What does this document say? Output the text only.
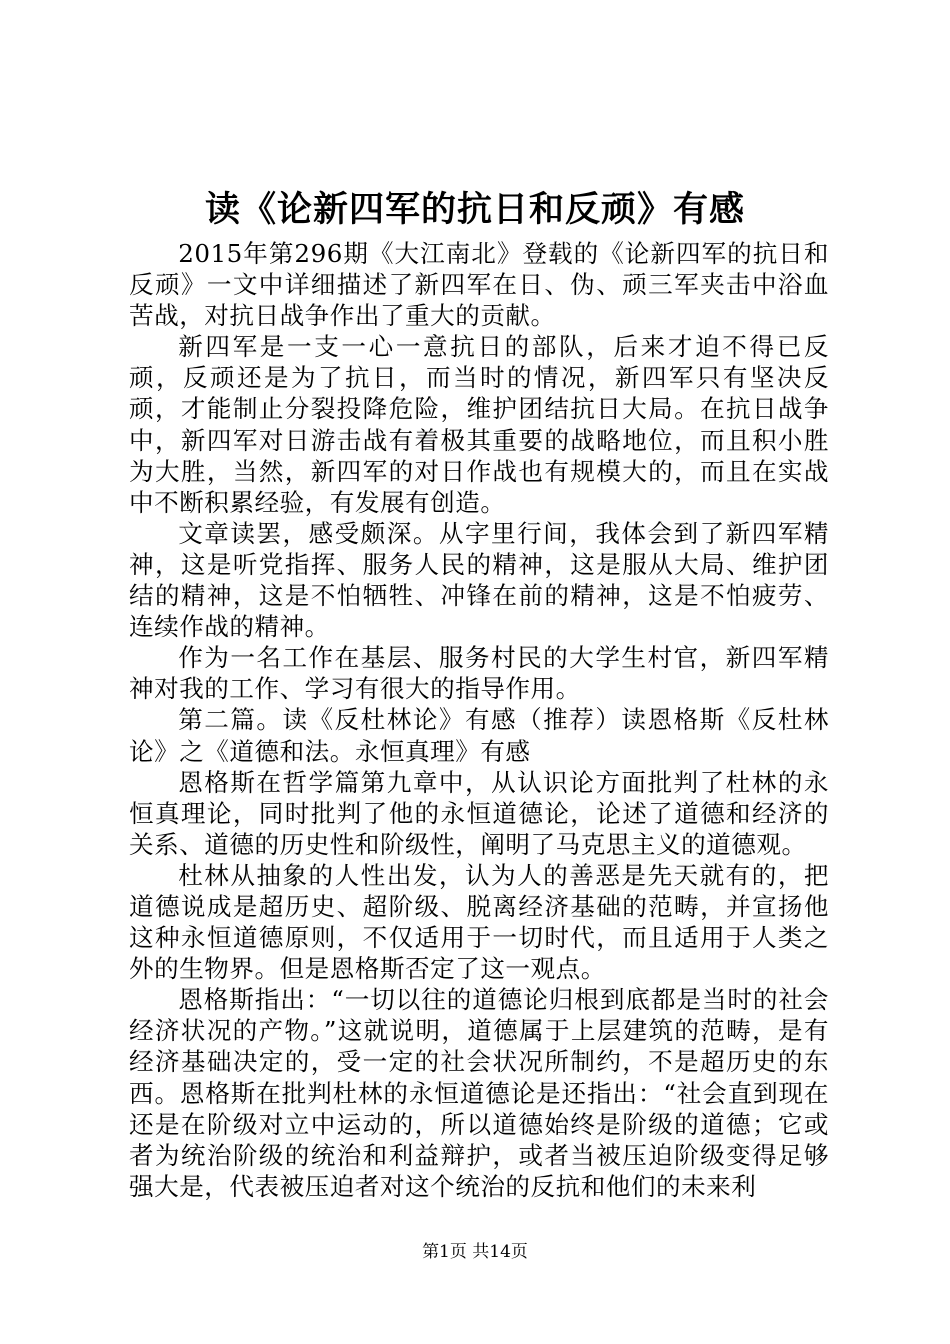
读《论新四军的抗日和反顽》有感

2015年第296期《大江南北》登载的《论新四军的抗日和反顽》一文中详细描述了新四军在日、伪、顽三军夹击中浴血苦战，对抗日战争作出了重大的贡献。

新四军是一支一心一意抗日的部队，后来才迫不得已反顽，反顽还是为了抗日，而当时的情况，新四军只有坚决反顽，才能制止分裂投降危险，维护团结抗日大局。在抗日战争中，新四军对日游击战有着极其重要的战略地位，而且积小胜为大胜，当然，新四军的对日作战也有规模大的，而且在实战中不断积累经验，有发展有创造。

文章读罢，感受颇深。从字里行间，我体会到了新四军精神，这是听党指挥、服务人民的精神，这是服从大局、维护团结的精神，这是不怕牺牲、冲锋在前的精神，这是不怕疲劳、连续作战的精神。

作为一名工作在基层、服务村民的大学生村官，新四军精神对我的工作、学习有很大的指导作用。

第二篇。读《反杜林论》有感（推荐）读恩格斯《反杜林论》之《道德和法。永恒真理》有感

恩格斯在哲学篇第九章中，从认识论方面批判了杜林的永恒真理论，同时批判了他的永恒道德论，论述了道德和经济的关系、道德的历史性和阶级性，阐明了马克思主义的道德观。

杜林从抽象的人性出发，认为人的善恶是先天就有的，把道德说成是超历史、超阶级、脱离经济基础的范畴，并宣扬他这种永恒道德原则，不仅适用于一切时代，而且适用于人类之外的生物界。但是恩格斯否定了这一观点。

恩格斯指出：“一切以往的道德论归根到底都是当时的社会经济状况的产物。”这就说明，道德属于上层建筑的范畴，是有经济基础决定的，受一定的社会状况所制约，不是超历史的东西。恩格斯在批判杜林的永恒道德论是还指出：“社会直到现在还是在阶级对立中运动的，所以道德始终是阶级的道德；它或者为统治阶级的统治和利益辩护，或者当被压迫阶级变得足够强大是，代表被压迫者对这个统治的反抗和他们的未来利

第1页 共14页
